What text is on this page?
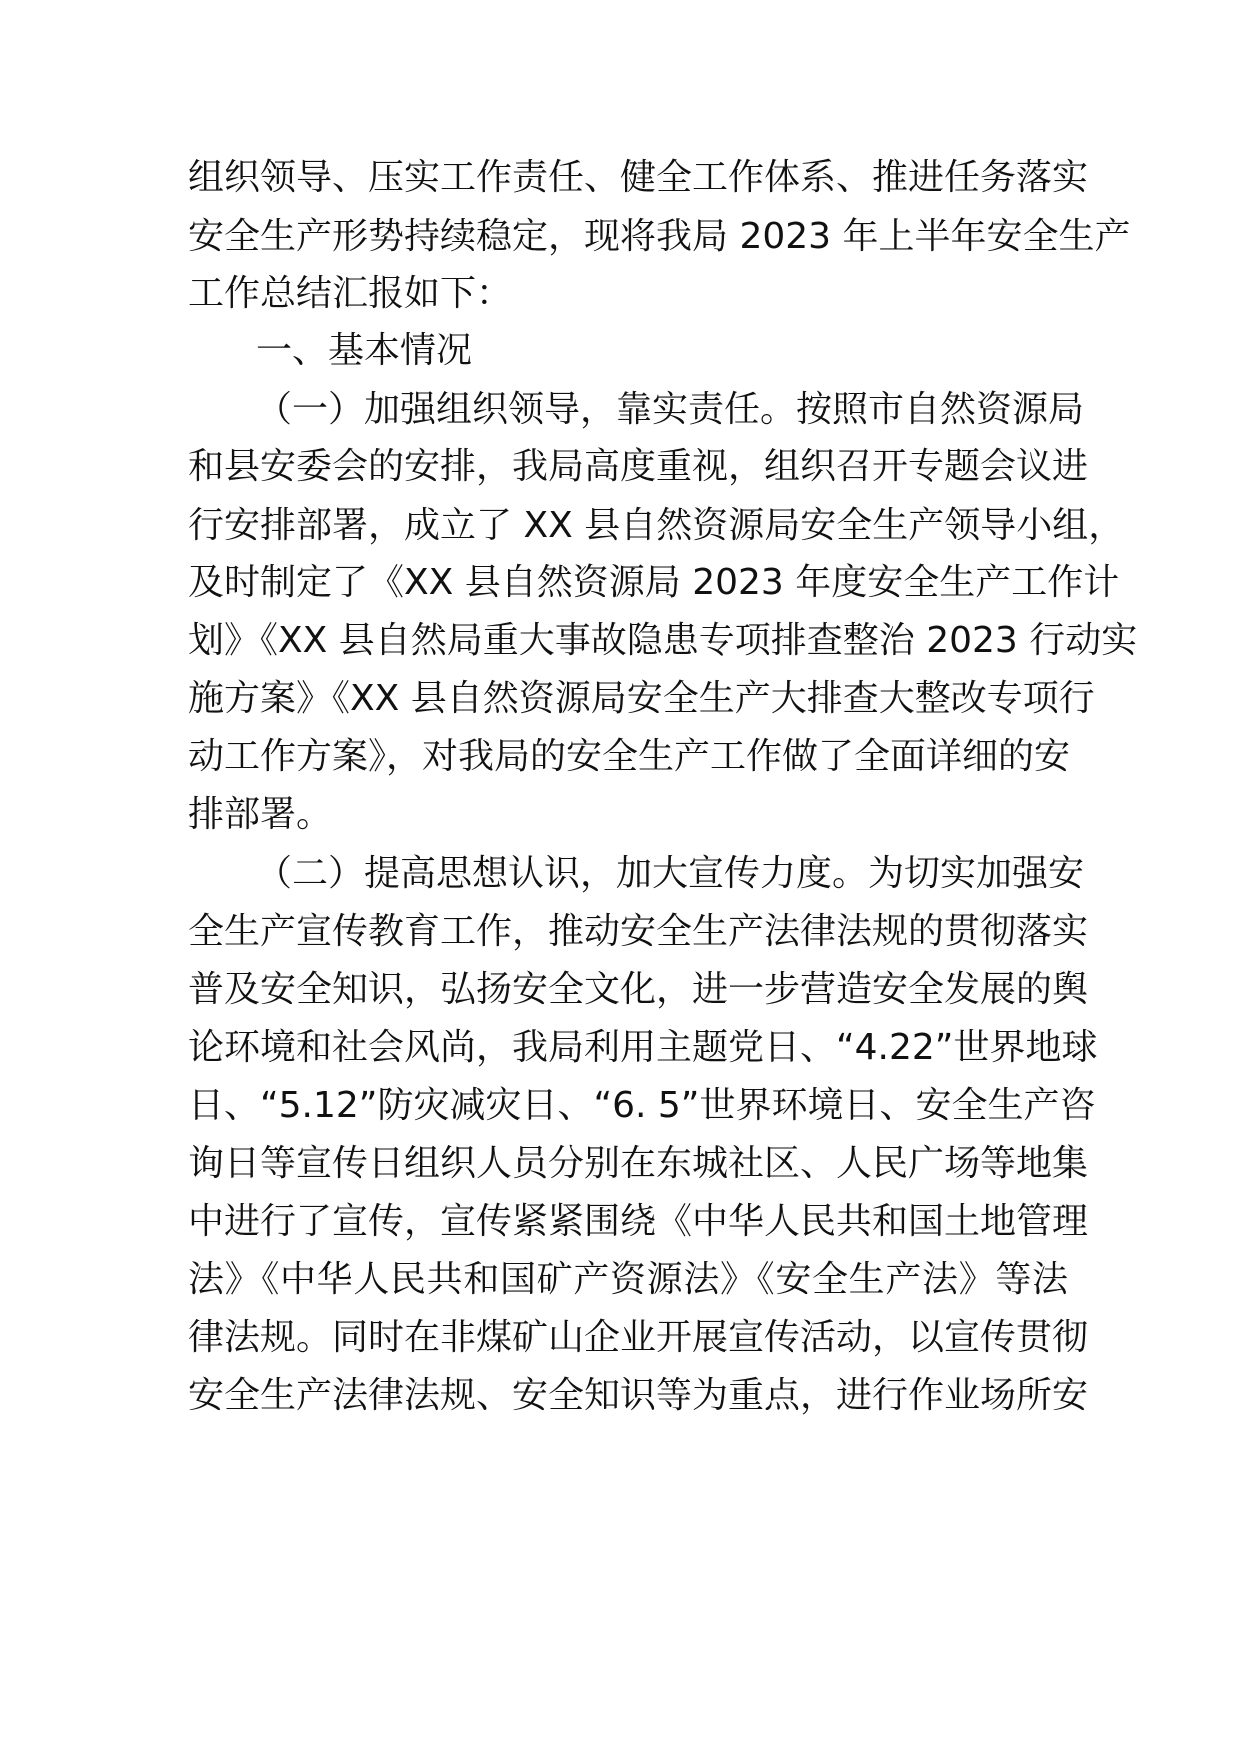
组织领导、压实工作责任、健全工作体系、推进任务落实
安全生产形势持续稳定，现将我局 2023 年上半年安全生产
工作总结汇报如下：
一、基本情况
（一）加强组织领导，靠实责任。按照市自然资源局
和县安委会的安排，我局高度重视，组织召开专题会议进
行安排部署，成立了 XX 县自然资源局安全生产领导小组，
及时制定了《XX 县自然资源局 2023 年度安全生产工作计
划》《XX 县自然局重大事故隐患专项排查整治 2023 行动实
施方案》《XX 县自然资源局安全生产大排查大整改专项行
动工作方案》，对我局的安全生产工作做了全面详细的安
排部署。
（二）提高思想认识，加大宣传力度。为切实加强安
全生产宣传教育工作，推动安全生产法律法规的贯彻落实
普及安全知识，弘扬安全文化，进一步营造安全发展的舆
论环境和社会风尚，我局利用主题党日、“4.22”世界地球
日、“5.12”防灾减灾日、“6. 5”世界环境日、安全生产咨
询日等宣传日组织人员分别在东城社区、人民广场等地集
中进行了宣传，宣传紧紧围绕《中华人民共和国土地管理
法》《中华人民共和国矿产资源法》《安全生产法》等法
律法规。同时在非煤矿山企业开展宣传活动，以宣传贯彻
安全生产法律法规、安全知识等为重点，进行作业场所安
